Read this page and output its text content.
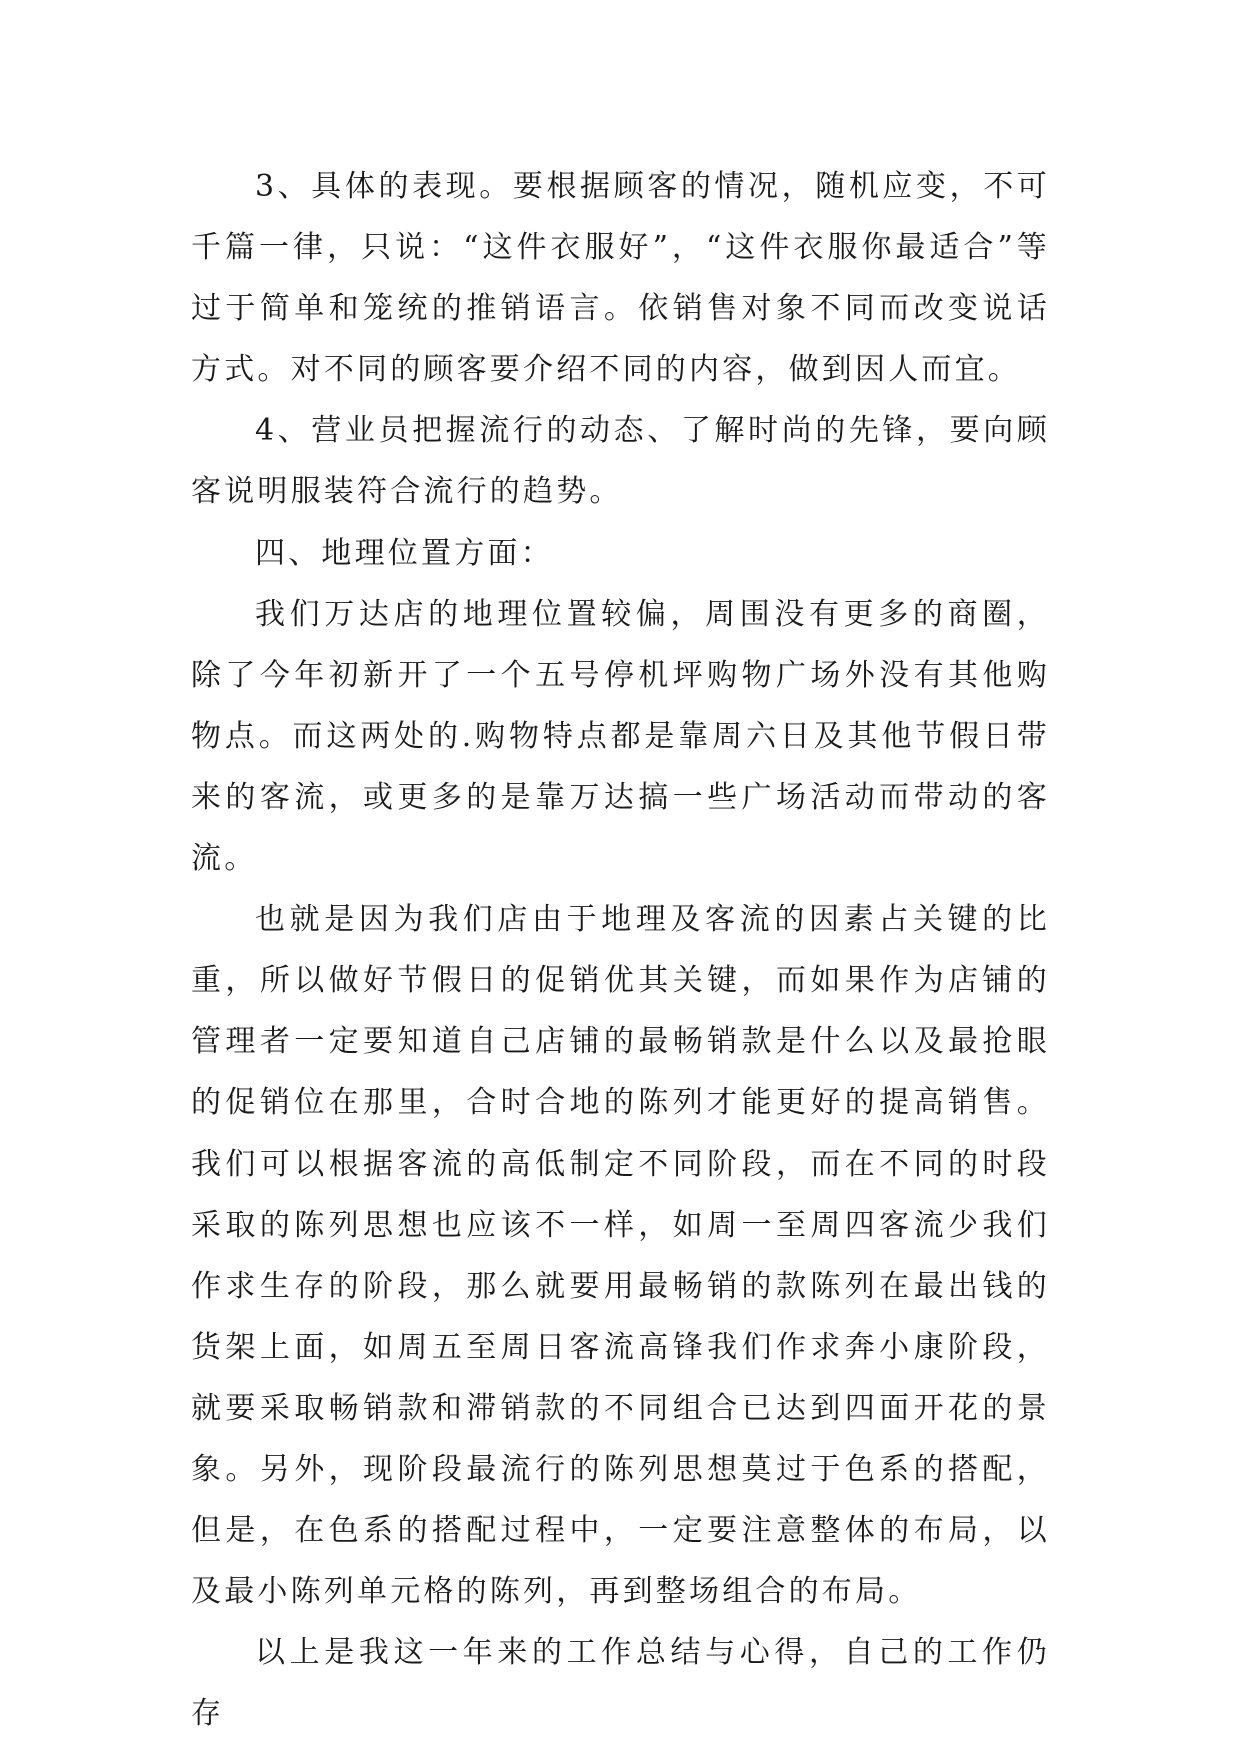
3、具体的表现。要根据顾客的情况，随机应变，不可千篇一律，只说：“这件衣服好”，“这件衣服你最适合”等过于简单和笼统的推销语言。依销售对象不同而改变说话方式。对不同的顾客要介绍不同的内容，做到因人而宜。

4、营业员把握流行的动态、了解时尚的先锋，要向顾客说明服装符合流行的趋势。

四、地理位置方面：

我们万达店的地理位置较偏，周围没有更多的商圈，除了今年初新开了一个五号停机坪购物广场外没有其他购物点。而这两处的.购物特点都是靠周六日及其他节假日带来的客流，或更多的是靠万达搞一些广场活动而带动的客流。

也就是因为我们店由于地理及客流的因素占关键的比重，所以做好节假日的促销优其关键，而如果作为店铺的管理者一定要知道自己店铺的最畅销款是什么以及最抢眼的促销位在那里，合时合地的陈列才能更好的提高销售。我们可以根据客流的高低制定不同阶段，而在不同的时段采取的陈列思想也应该不一样，如周一至周四客流少我们作求生存的阶段，那么就要用最畅销的款陈列在最出钱的货架上面，如周五至周日客流高锋我们作求奔小康阶段，就要采取畅销款和滞销款的不同组合已达到四面开花的景象。另外，现阶段最流行的陈列思想莫过于色系的搭配，但是，在色系的搭配过程中，一定要注意整体的布局，以及最小陈列单元格的陈列，再到整场组合的布局。

以上是我这一年来的工作总结与心得，自己的工作仍存
